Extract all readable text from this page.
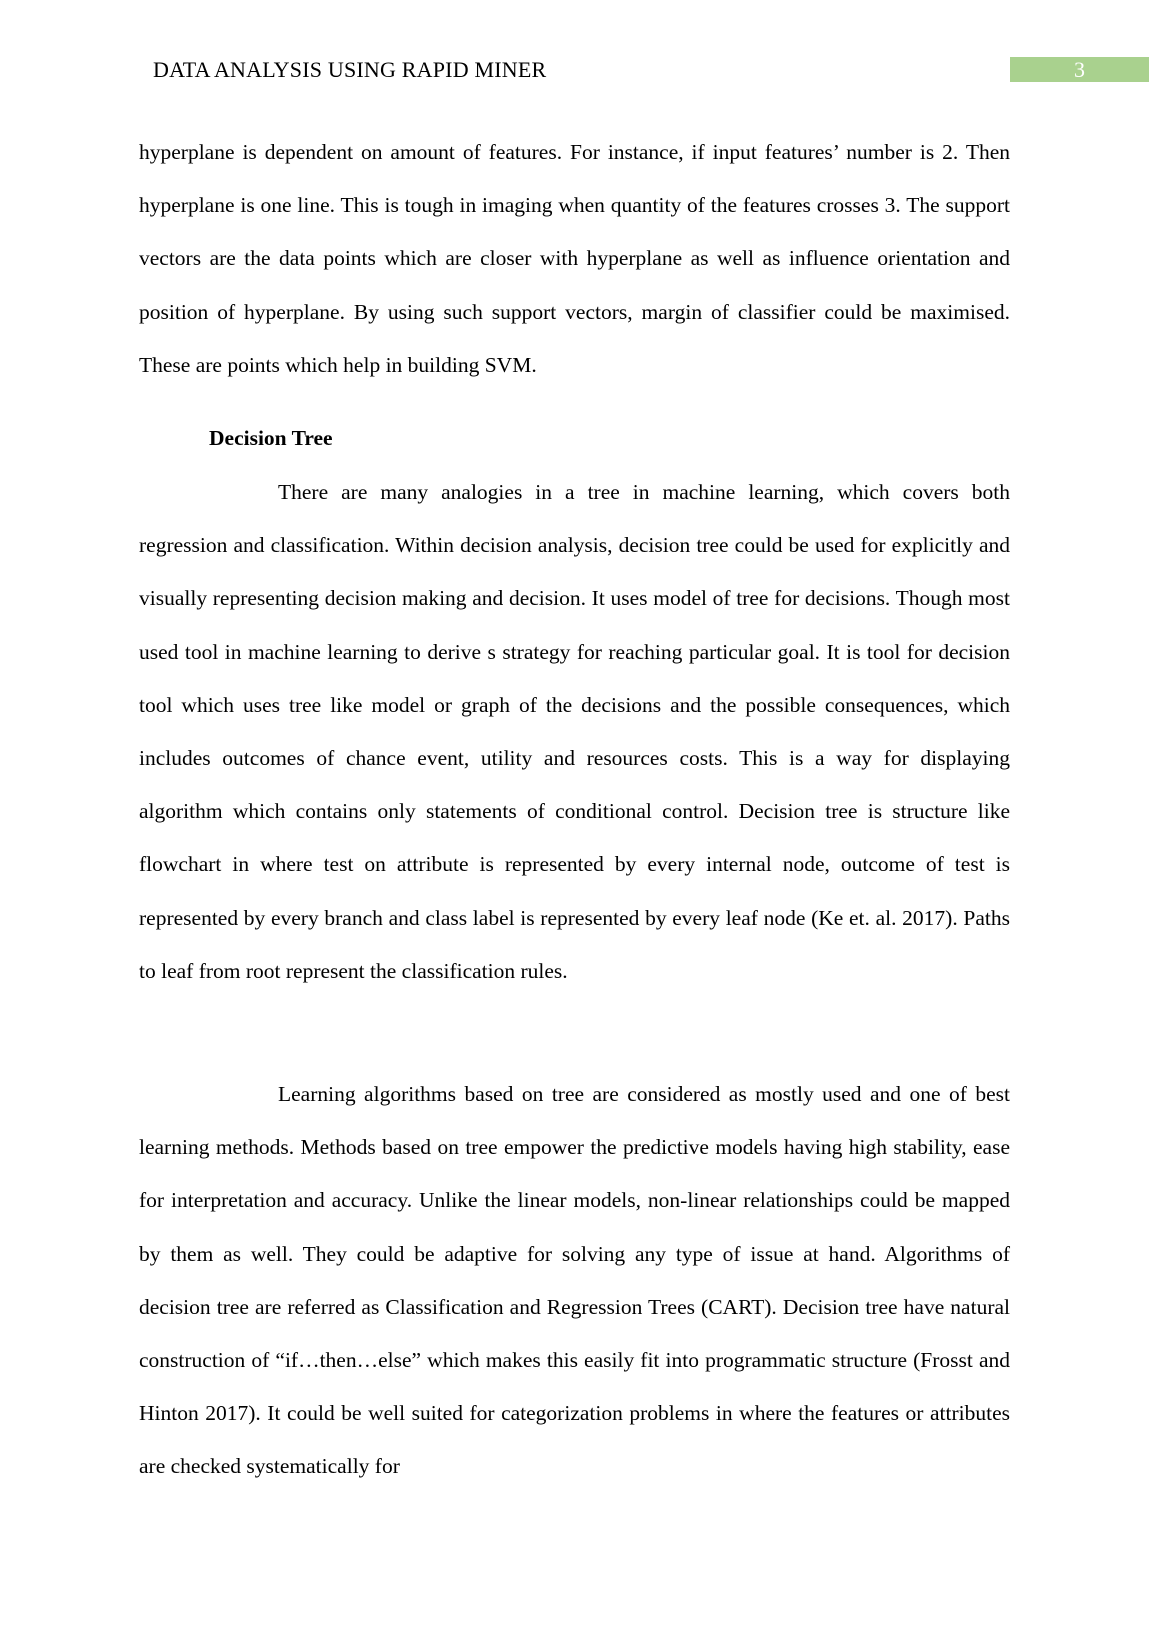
DATA ANALYSIS USING RAPID MINER	3

hyperplane is dependent on amount of features. For instance, if input features’ number is 2. Then hyperplane is one line. This is tough in imaging when quantity of the features crosses 3. The support vectors are the data points which are closer with hyperplane as well as influence orientation and position of hyperplane. By using such support vectors, margin of classifier could be maximised. These are points which help in building SVM.

Decision Tree

There are many analogies in a tree in machine learning, which covers both regression and classification. Within decision analysis, decision tree could be used for explicitly and visually representing decision making and decision. It uses model of tree for decisions. Though most used tool in machine learning to derive s strategy for reaching particular goal. It is tool for decision tool which uses tree like model or graph of the decisions and the possible consequences, which includes outcomes of chance event, utility and resources costs. This is a way for displaying algorithm which contains only statements of conditional control. Decision tree is structure like flowchart in where test on attribute is represented by every internal node, outcome of test is represented by every branch and class label is represented by every leaf node (Ke et. al. 2017). Paths to leaf from root represent the classification rules.

Learning algorithms based on tree are considered as mostly used and one of best learning methods. Methods based on tree empower the predictive models having high stability, ease for interpretation and accuracy. Unlike the linear models, non-linear relationships could be mapped by them as well. They could be adaptive for solving any type of issue at hand. Algorithms of decision tree are referred as Classification and Regression Trees (CART). Decision tree have natural construction of “if…then…else” which makes this easily fit into programmatic structure (Frosst and Hinton 2017). It could be well suited for categorization problems in where the features or attributes are checked systematically for
